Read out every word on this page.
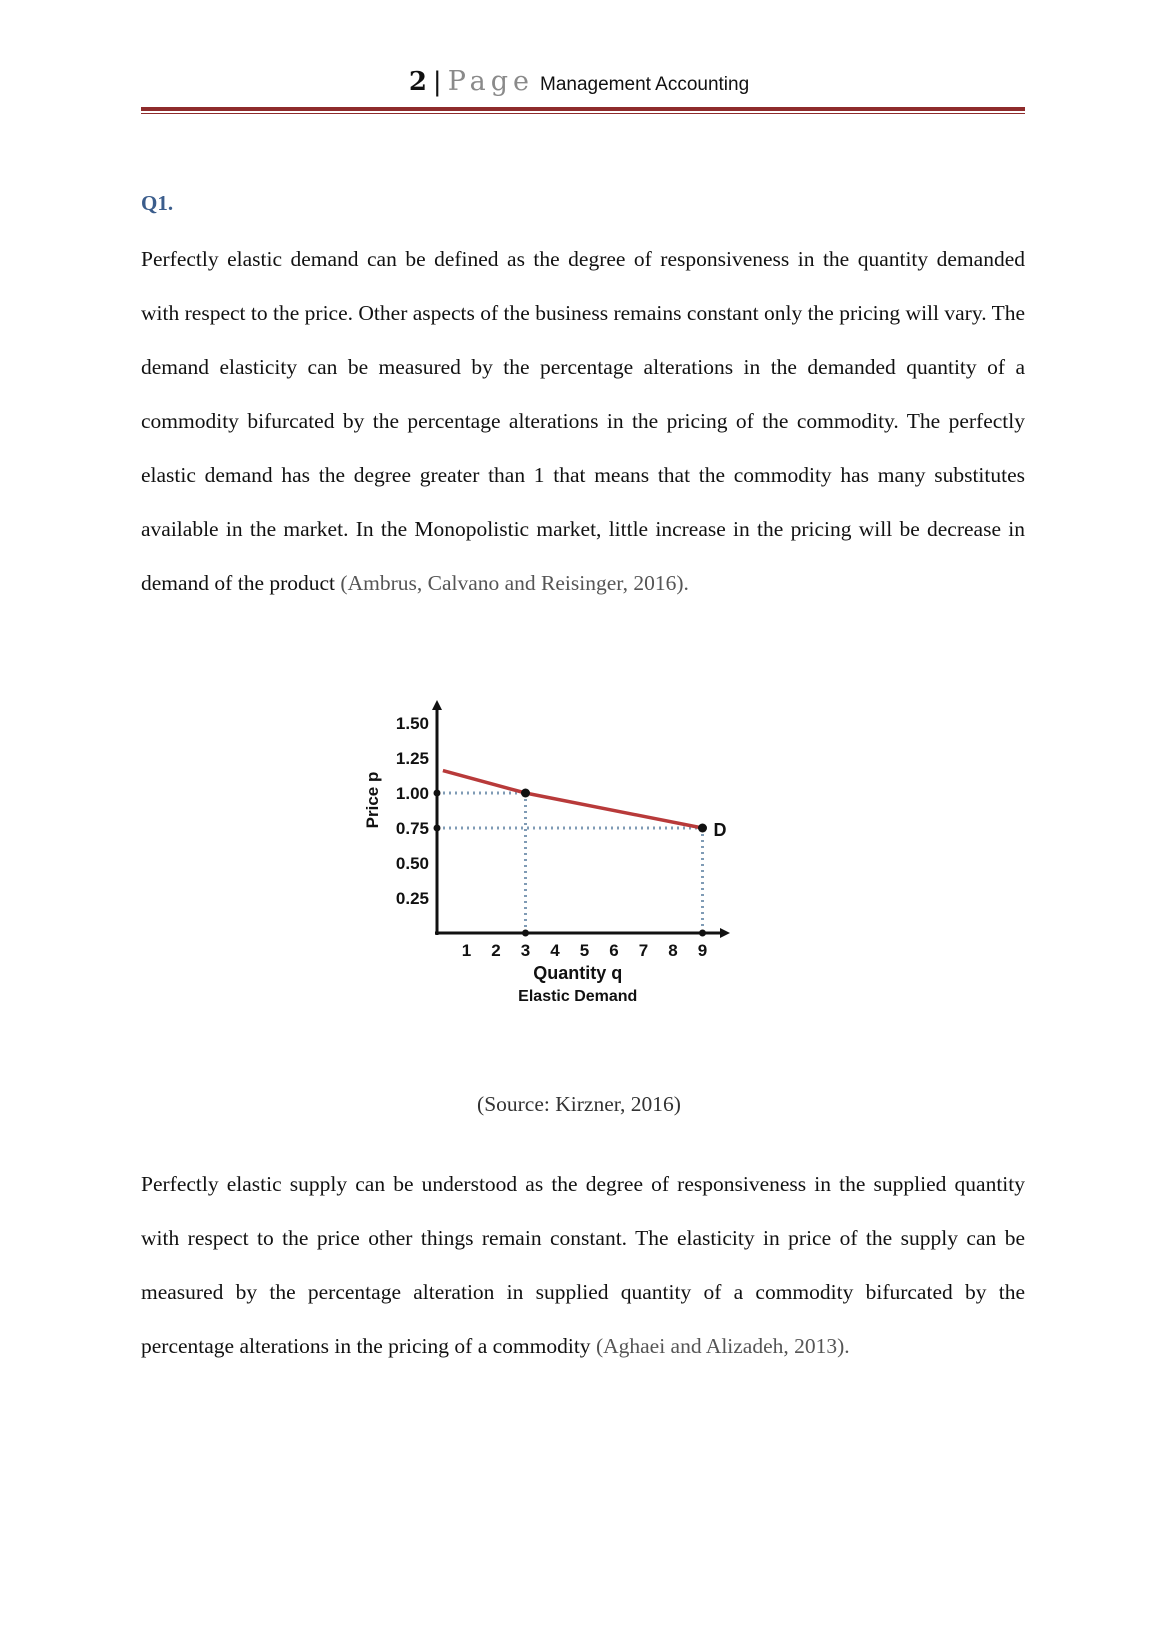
2 | Page Management Accounting
Q1.

Perfectly elastic demand can be defined as the degree of responsiveness in the quantity demanded with respect to the price. Other aspects of the business remains constant only the pricing will vary. The demand elasticity can be measured by the percentage alterations in the demanded quantity of a commodity bifurcated by the percentage alterations in the pricing of the commodity. The perfectly elastic demand has the degree greater than 1 that means that the commodity has many substitutes available in the market. In the Monopolistic market, little increase in the pricing will be decrease in demand of the product (Ambrus, Calvano and Reisinger, 2016).

0.25
0.50
0.75
1.00
1.25
1.50
1 2 3 4 5 6 7 8 9
Price p
Quantity q
Elastic Demand
D
(Source: Kirzner, 2016)

Perfectly elastic supply can be understood as the degree of responsiveness in the supplied quantity with respect to the price other things remain constant. The elasticity in price of the supply can be measured by the percentage alteration in supplied quantity of a commodity bifurcated by the percentage alterations in the pricing of a commodity (Aghaei and Alizadeh, 2013).
